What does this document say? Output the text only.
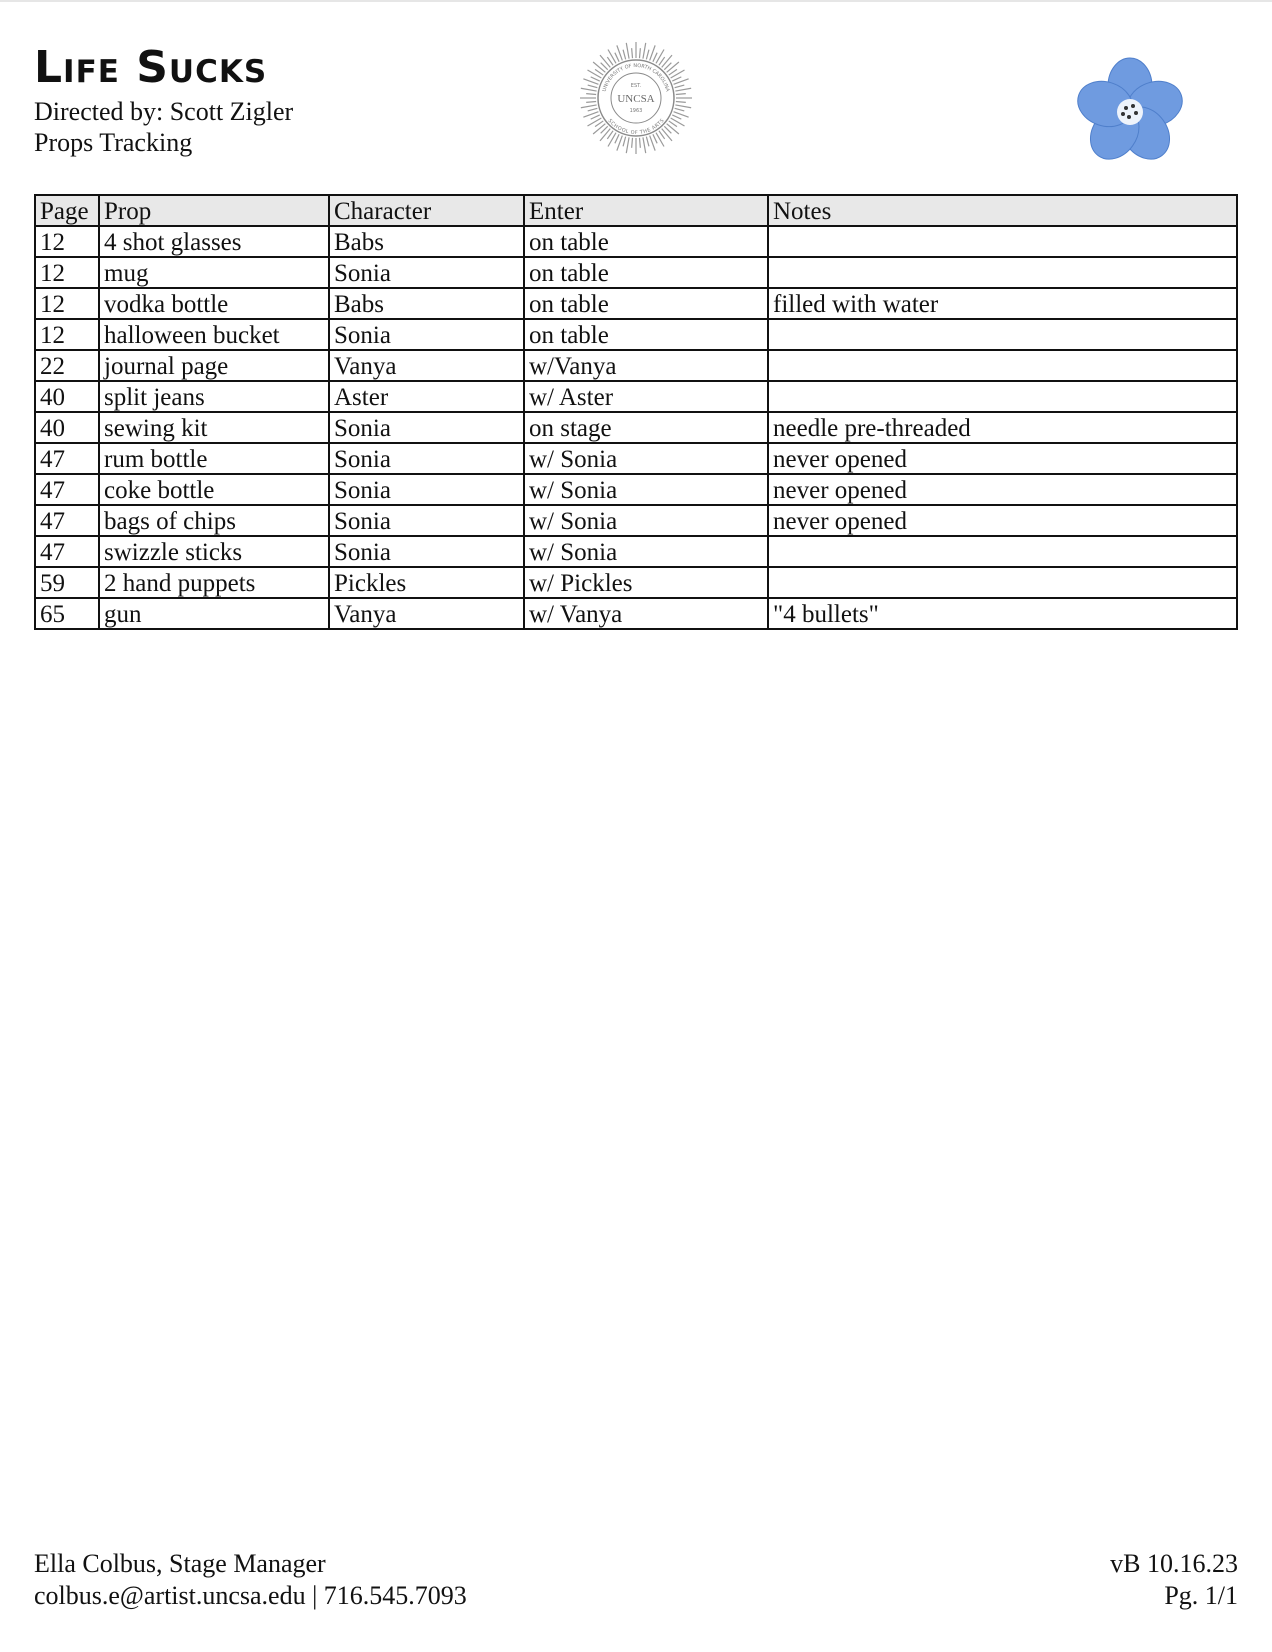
Life Sucks
Directed by: Scott Zigler
Props Tracking
UNIVERSITY OF NORTH CAROLINA
SCHOOL OF THE ARTS
EST.
UNCSA
1963
Page	Prop	Character	Enter	Notes
12	4 shot glasses	Babs	on table	
12	mug	Sonia	on table	
12	vodka bottle	Babs	on table	filled with water
12	halloween bucket	Sonia	on table	
22	journal page	Vanya	w/Vanya	
40	split jeans	Aster	w/ Aster	
40	sewing kit	Sonia	on stage	needle pre-threaded
47	rum bottle	Sonia	w/ Sonia	never opened
47	coke bottle	Sonia	w/ Sonia	never opened
47	bags of chips	Sonia	w/ Sonia	never opened
47	swizzle sticks	Sonia	w/ Sonia	
59	2 hand puppets	Pickles	w/ Pickles	
65	gun	Vanya	w/ Vanya	"4 bullets"
Ella Colbus, Stage Manager
colbus.e@artist.uncsa.edu | 716.545.7093
vB 10.16.23
Pg. 1/1
